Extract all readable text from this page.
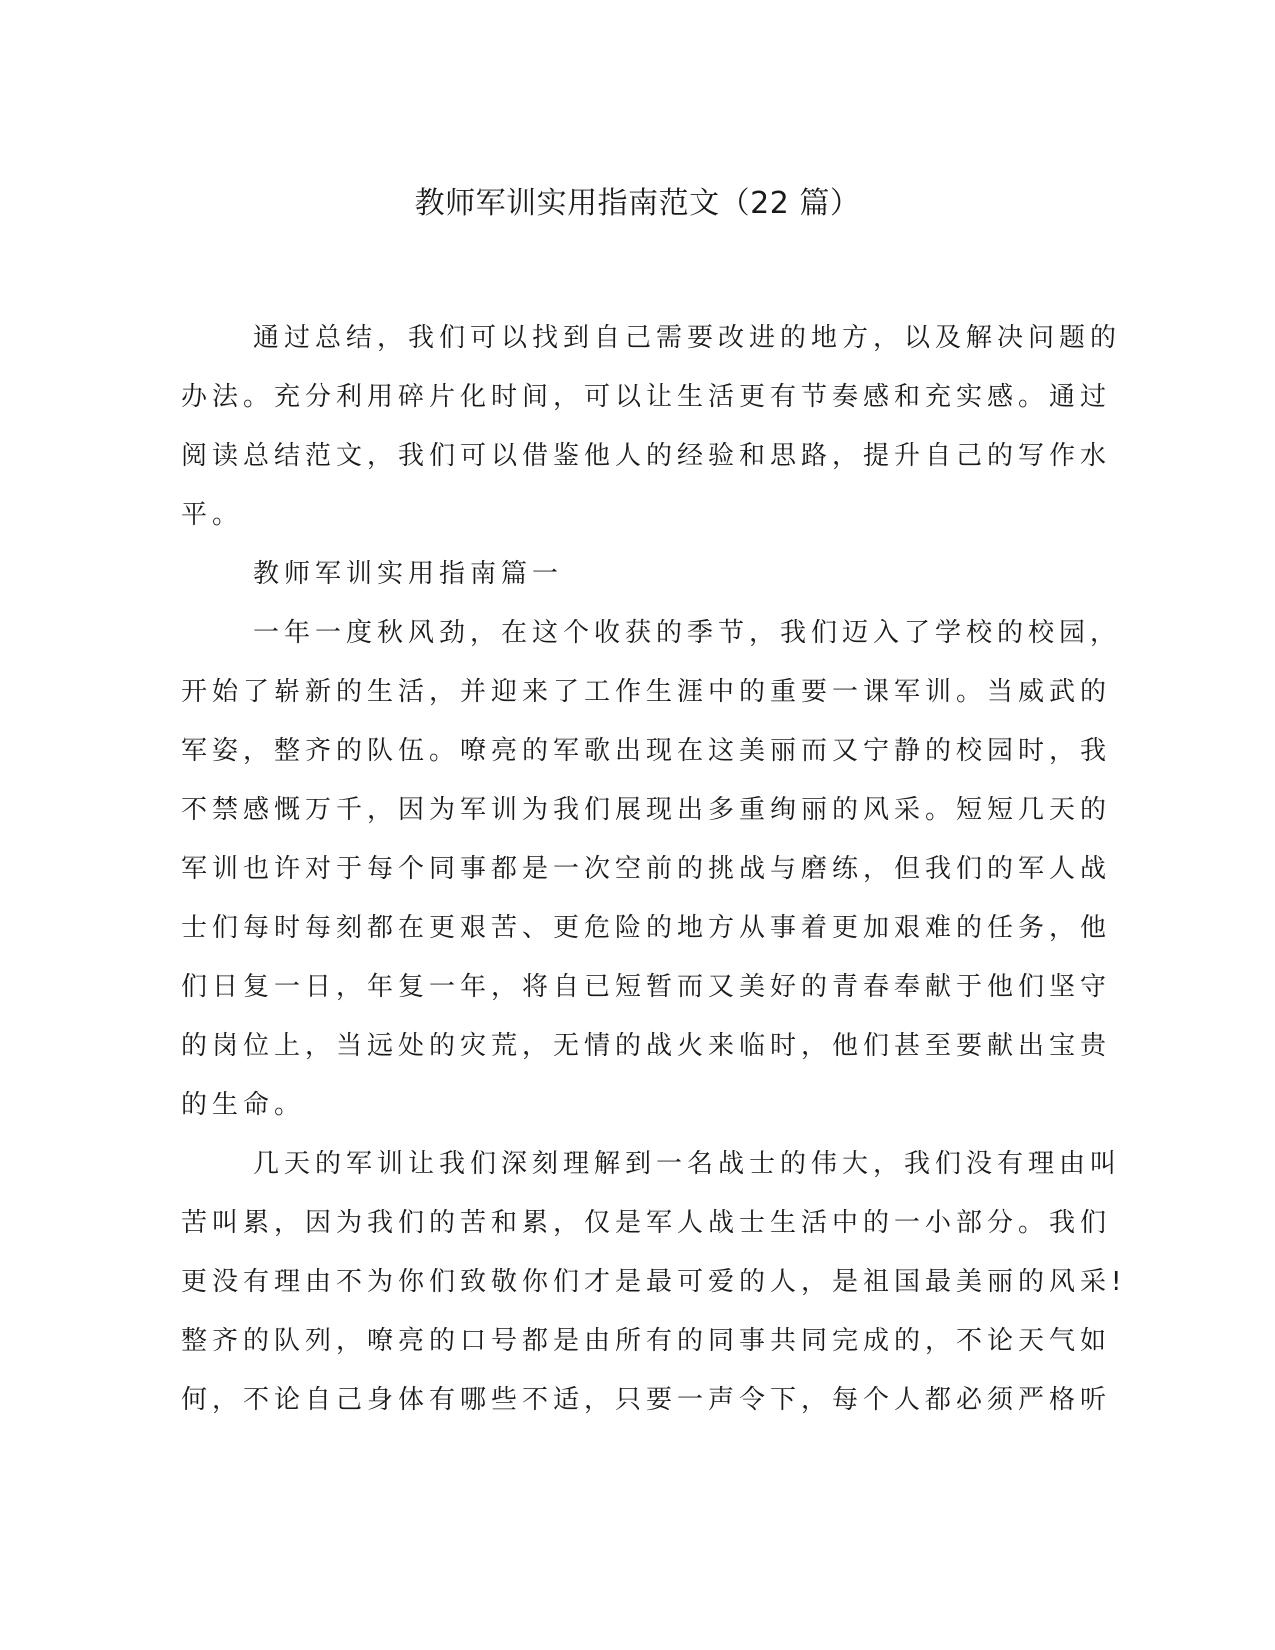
教师军训实用指南范文（22 篇）
通过总结，我们可以找到自己需要改进的地方，以及解决问题的
办法。充分利用碎片化时间，可以让生活更有节奏感和充实感。通过
阅读总结范文，我们可以借鉴他人的经验和思路，提升自己的写作水
平。
教师军训实用指南篇一
一年一度秋风劲，在这个收获的季节，我们迈入了学校的校园，
开始了崭新的生活，并迎来了工作生涯中的重要一课军训。当威武的
军姿，整齐的队伍。嘹亮的军歌出现在这美丽而又宁静的校园时，我
不禁感慨万千，因为军训为我们展现出多重绚丽的风采。短短几天的
军训也许对于每个同事都是一次空前的挑战与磨练，但我们的军人战
士们每时每刻都在更艰苦、更危险的地方从事着更加艰难的任务，他
们日复一日，年复一年，将自已短暂而又美好的青春奉献于他们坚守
的岗位上，当远处的灾荒，无情的战火来临时，他们甚至要献出宝贵
的生命。
几天的军训让我们深刻理解到一名战士的伟大，我们没有理由叫
苦叫累，因为我们的苦和累，仅是军人战士生活中的一小部分。我们
更没有理由不为你们致敬你们才是最可爱的人，是祖国最美丽的风采!
整齐的队列，嘹亮的口号都是由所有的同事共同完成的，不论天气如
何，不论自己身体有哪些不适，只要一声令下，每个人都必须严格听
